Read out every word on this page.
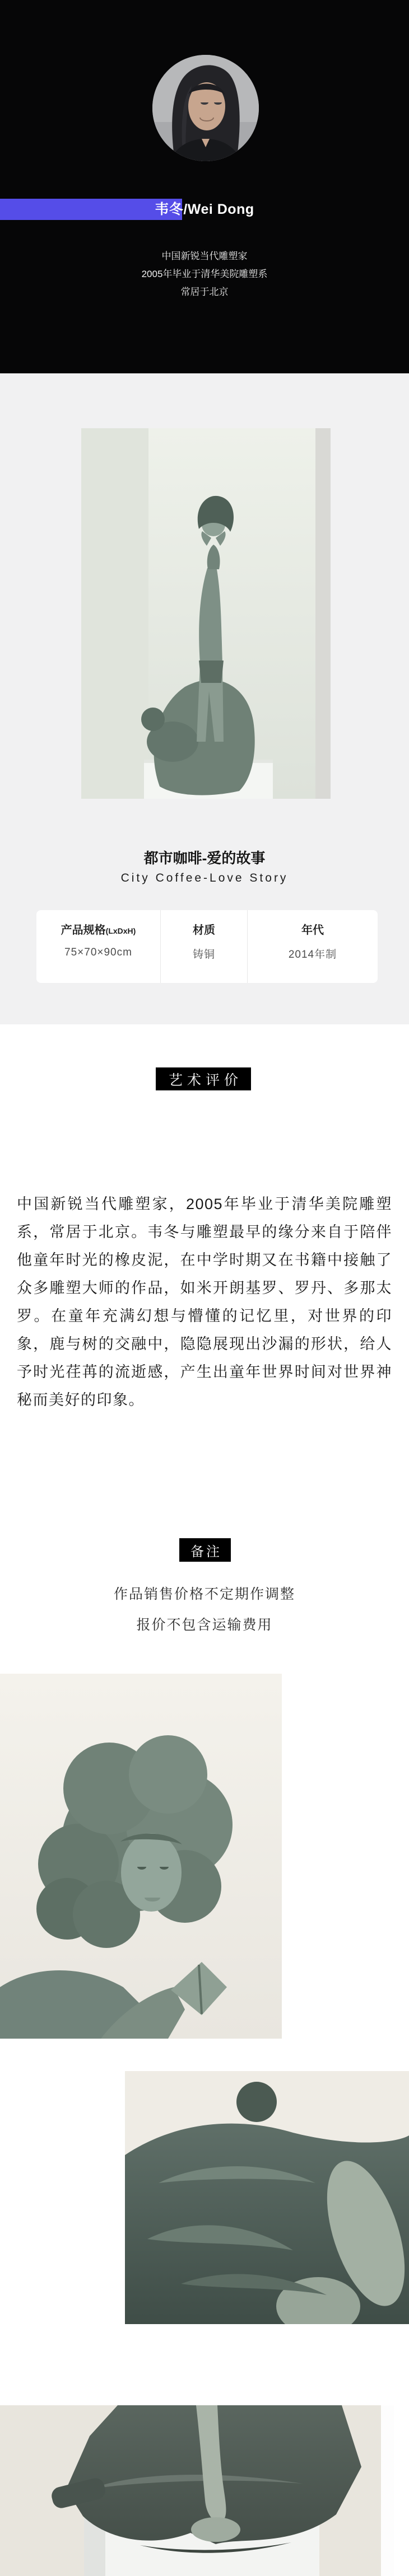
韦冬/Wei Dong
中国新锐当代雕塑家
2005年毕业于清华美院雕塑系
常居于北京
都市咖啡-爱的故事
City Coffee-Love Story
产品规格(LxDxH)
75×70×90cm
材质
铸铜
年代
2014年制
艺术评价

中国新锐当代雕塑家，2005年毕业于清华美院雕塑系，常居于北京。韦冬与雕塑最早的缘分来自于陪伴他童年时光的橡皮泥，在中学时期又在书籍中接触了众多雕塑大师的作品，如米开朗基罗、罗丹、多那太罗。在童年充满幻想与懵懂的记忆里，对世界的印象，鹿与树的交融中，隐隐展现出沙漏的形状，给人予时光荏苒的流逝感，产生出童年世界时间对世界神秘而美好的印象。

备注
作品销售价格不定期作调整
报价不包含运输费用
